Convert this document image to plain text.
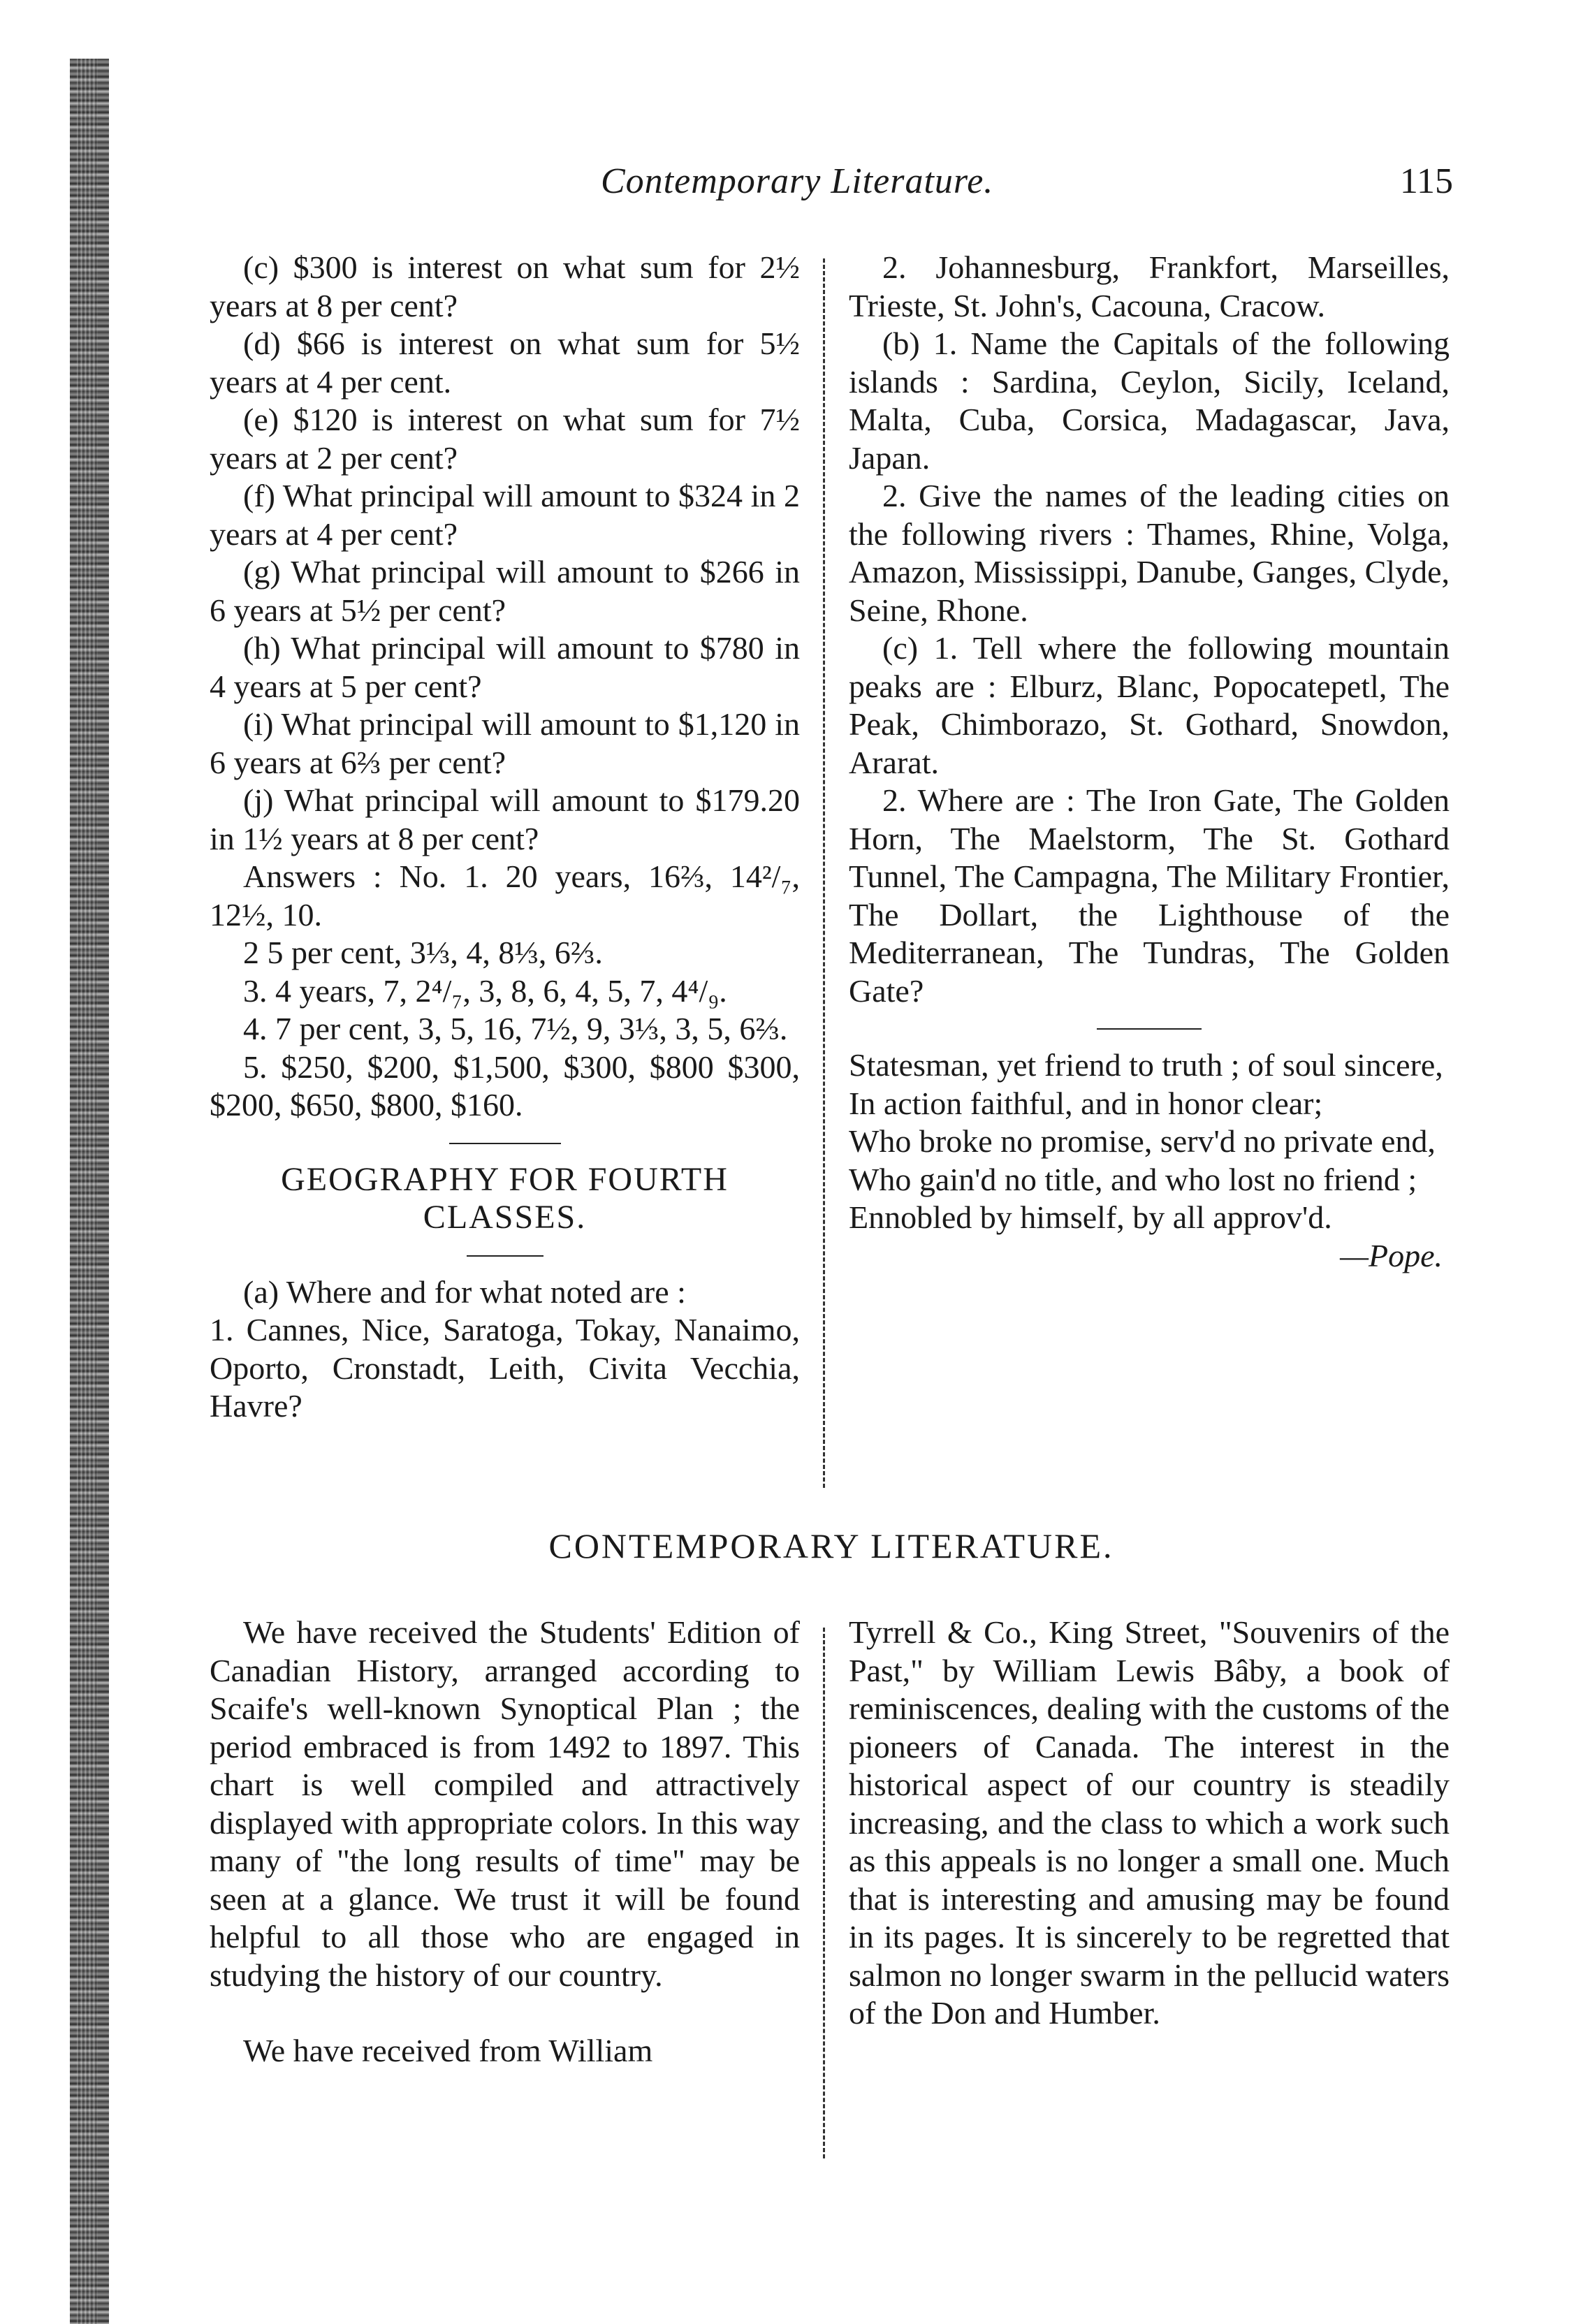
Contemporary Literature.	115

(c) $300 is interest on what sum for 2½ years at 8 per cent?

(d) $66 is interest on what sum for 5½ years at 4 per cent.

(e) $120 is interest on what sum for 7½ years at 2 per cent?

(f) What principal will amount to $324 in 2 years at 4 per cent?

(g) What principal will amount to $266 in 6 years at 5½ per cent?

(h) What principal will amount to $780 in 4 years at 5 per cent?

(i) What principal will amount to $1,120 in 6 years at 6⅔ per cent?

(j) What principal will amount to $179.20 in 1½ years at 8 per cent?

Answers : No. 1. 20 years, 16⅔, 14²/₇, 12½, 10.

2 5 per cent, 3⅓, 4, 8⅓, 6⅔.

3. 4 years, 7, 2⁴/₇, 3, 8, 6, 4, 5, 7, 4⁴/₉.

4. 7 per cent, 3, 5, 16, 7½, 9, 3⅓, 3, 5, 6⅔.

5. $250, $200, $1,500, $300, $800 $300, $200, $650, $800, $160.

GEOGRAPHY FOR FOURTH CLASSES.

(a) Where and for what noted are :

1. Cannes, Nice, Saratoga, Tokay, Nanaimo, Oporto, Cronstadt, Leith, Civita Vecchia, Havre?

2. Johannesburg, Frankfort, Marseilles, Trieste, St. John's, Cacouna, Cracow.

(b) 1. Name the Capitals of the following islands : Sardina, Ceylon, Sicily, Iceland, Malta, Cuba, Corsica, Madagascar, Java, Japan.

2. Give the names of the leading cities on the following rivers : Thames, Rhine, Volga, Amazon, Mississippi, Danube, Ganges, Clyde, Seine, Rhone.

(c) 1. Tell where the following mountain peaks are : Elburz, Blanc, Popocatepetl, The Peak, Chimborazo, St. Gothard, Snowdon, Ararat.

2. Where are : The Iron Gate, The Golden Horn, The Maelstorm, The St. Gothard Tunnel, The Campagna, The Military Frontier, The Dollart, the Lighthouse of the Mediterranean, The Tundras, The Golden Gate?

Statesman, yet friend to truth ; of soul sincere,

In action faithful, and in honor clear;

Who broke no promise, serv'd no private end,

Who gain'd no title, and who lost no friend ;

Ennobled by himself, by all approv'd.

—Pope.

CONTEMPORARY LITERATURE.

We have received the Students' Edition of Canadian History, arranged according to Scaife's well-known Synoptical Plan ; the period embraced is from 1492 to 1897. This chart is well compiled and attractively displayed with appropriate colors. In this way many of "the long results of time" may be seen at a glance. We trust it will be found helpful to all those who are engaged in studying the history of our country.

We have received from William

Tyrrell & Co., King Street, "Souvenirs of the Past," by William Lewis Bâby, a book of reminiscences, dealing with the customs of the pioneers of Canada. The interest in the historical aspect of our country is steadily increasing, and the class to which a work such as this appeals is no longer a small one. Much that is interesting and amusing may be found in its pages. It is sincerely to be regretted that salmon no longer swarm in the pellucid waters of the Don and Humber.
